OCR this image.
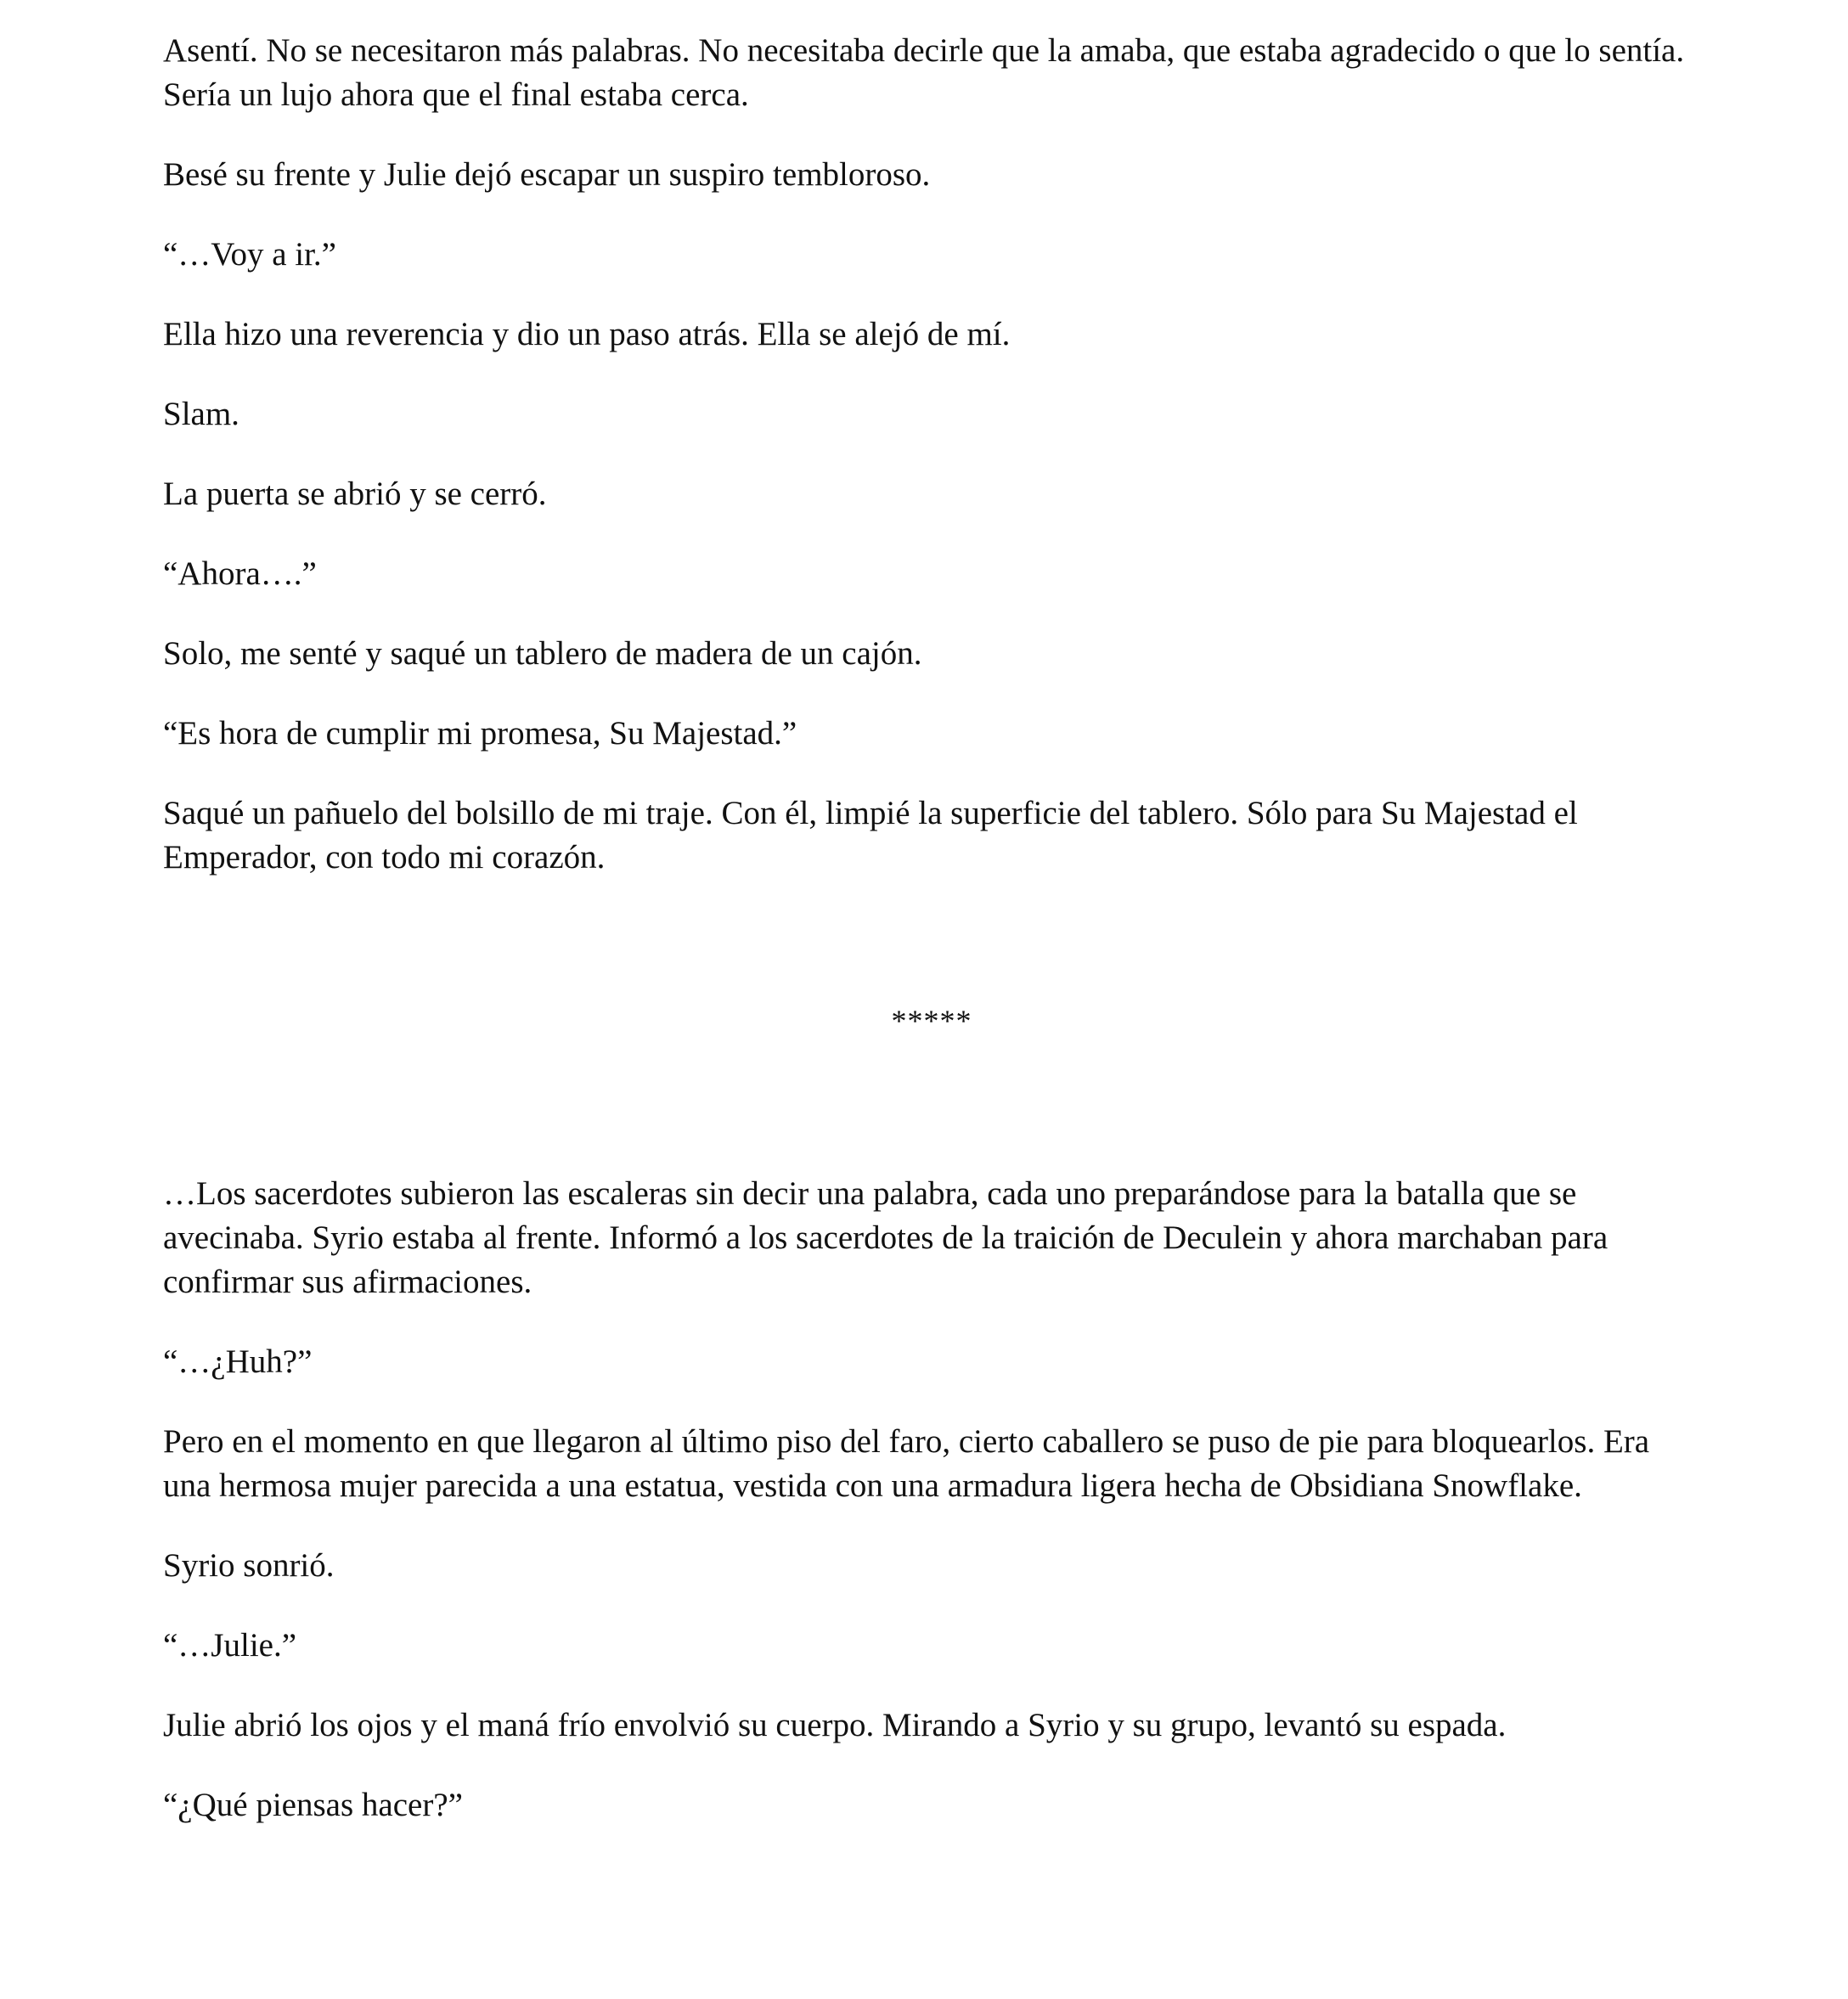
Asentí. No se necesitaron más palabras. No necesitaba decirle que la amaba, que estaba agradecido o que lo sentía. Sería un lujo ahora que el final estaba cerca.

Besé su frente y Julie dejó escapar un suspiro tembloroso.

“…Voy a ir.”

Ella hizo una reverencia y dio un paso atrás. Ella se alejó de mí.

Slam.

La puerta se abrió y se cerró.

“Ahora….”

Solo, me senté y saqué un tablero de madera de un cajón.

“Es hora de cumplir mi promesa, Su Majestad.”

Saqué un pañuelo del bolsillo de mi traje. Con él, limpié la superficie del tablero. Sólo para Su Majestad el Emperador, con todo mi corazón.

*****

…Los sacerdotes subieron las escaleras sin decir una palabra, cada uno preparándose para la batalla que se avecinaba. Syrio estaba al frente. Informó a los sacerdotes de la traición de Deculein y ahora marchaban para confirmar sus afirmaciones.

“…¿Huh?”

Pero en el momento en que llegaron al último piso del faro, cierto caballero se puso de pie para bloquearlos. Era una hermosa mujer parecida a una estatua, vestida con una armadura ligera hecha de Obsidiana Snowflake.

Syrio sonrió.

“…Julie.”

Julie abrió los ojos y el maná frío envolvió su cuerpo. Mirando a Syrio y su grupo, levantó su espada.

“¿Qué piensas hacer?”
